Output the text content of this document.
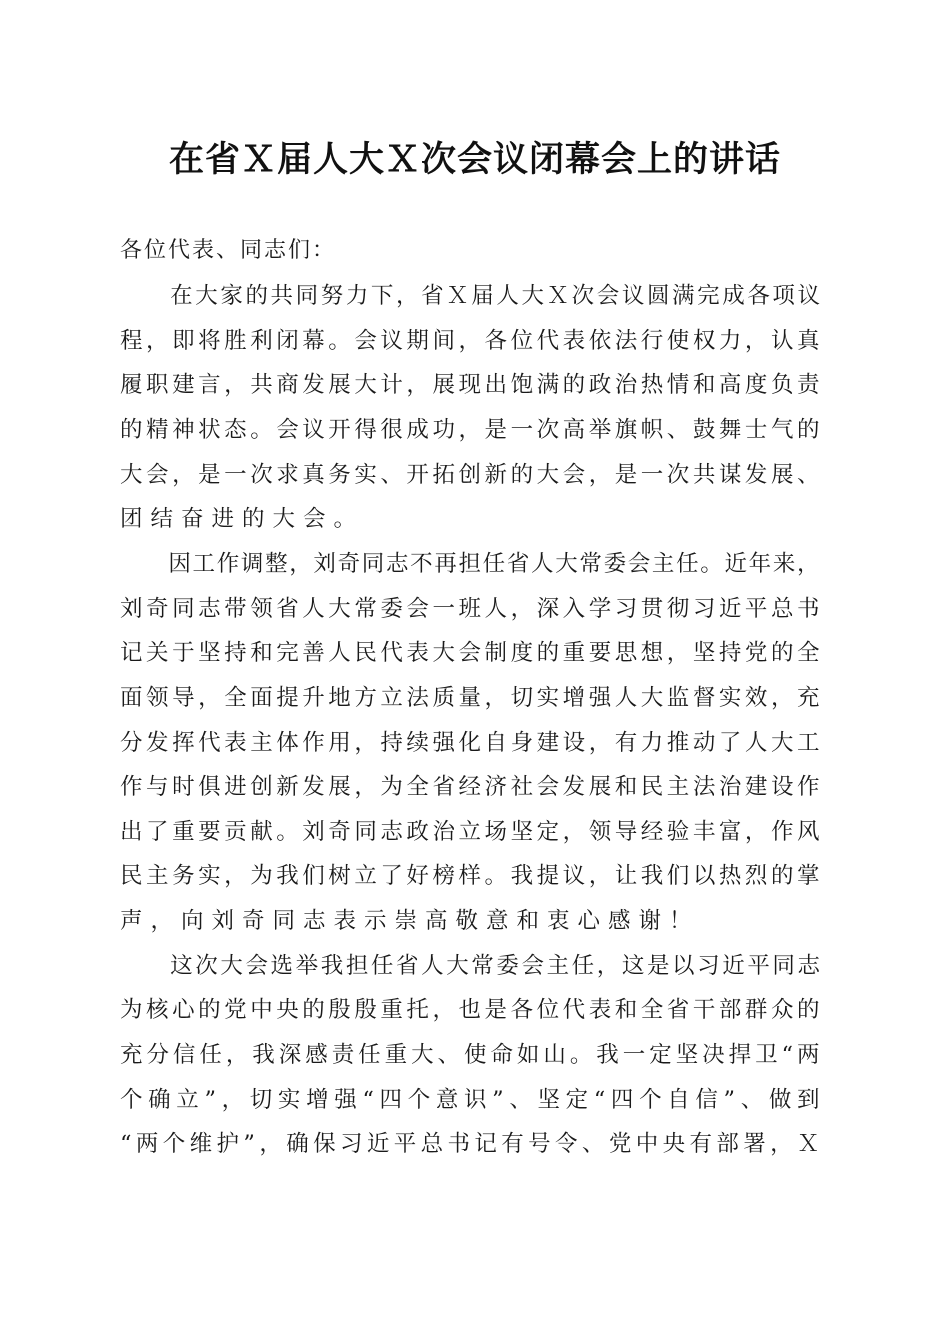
在省Ｘ届人大Ｘ次会议闭幕会上的讲话

各位代表、同志们：

　　在大家的共同努力下，省Ｘ届人大Ｘ次会议圆满完成各项议

程，即将胜利闭幕。会议期间，各位代表依法行使权力，认真

履职建言，共商发展大计，展现出饱满的政治热情和高度负责

的精神状态。会议开得很成功，是一次高举旗帜、鼓舞士气的

大会，是一次求真务实、开拓创新的大会，是一次共谋发展、

团结奋进的大会。

　　因工作调整，刘奇同志不再担任省人大常委会主任。近年来，

刘奇同志带领省人大常委会一班人，深入学习贯彻习近平总书

记关于坚持和完善人民代表大会制度的重要思想，坚持党的全

面领导，全面提升地方立法质量，切实增强人大监督实效，充

分发挥代表主体作用，持续强化自身建设，有力推动了人大工

作与时俱进创新发展，为全省经济社会发展和民主法治建设作

出了重要贡献。刘奇同志政治立场坚定，领导经验丰富，作风

民主务实，为我们树立了好榜样。我提议，让我们以热烈的掌

声，向刘奇同志表示崇高敬意和衷心感谢！

　　这次大会选举我担任省人大常委会主任，这是以习近平同志

为核心的党中央的殷殷重托，也是各位代表和全省干部群众的

充分信任，我深感责任重大、使命如山。我一定坚决捍卫“两

个确立”，切实增强“四个意识”、坚定“四个自信”、做到

“两个维护”，确保习近平总书记有号令、党中央有部署，Ｘ
